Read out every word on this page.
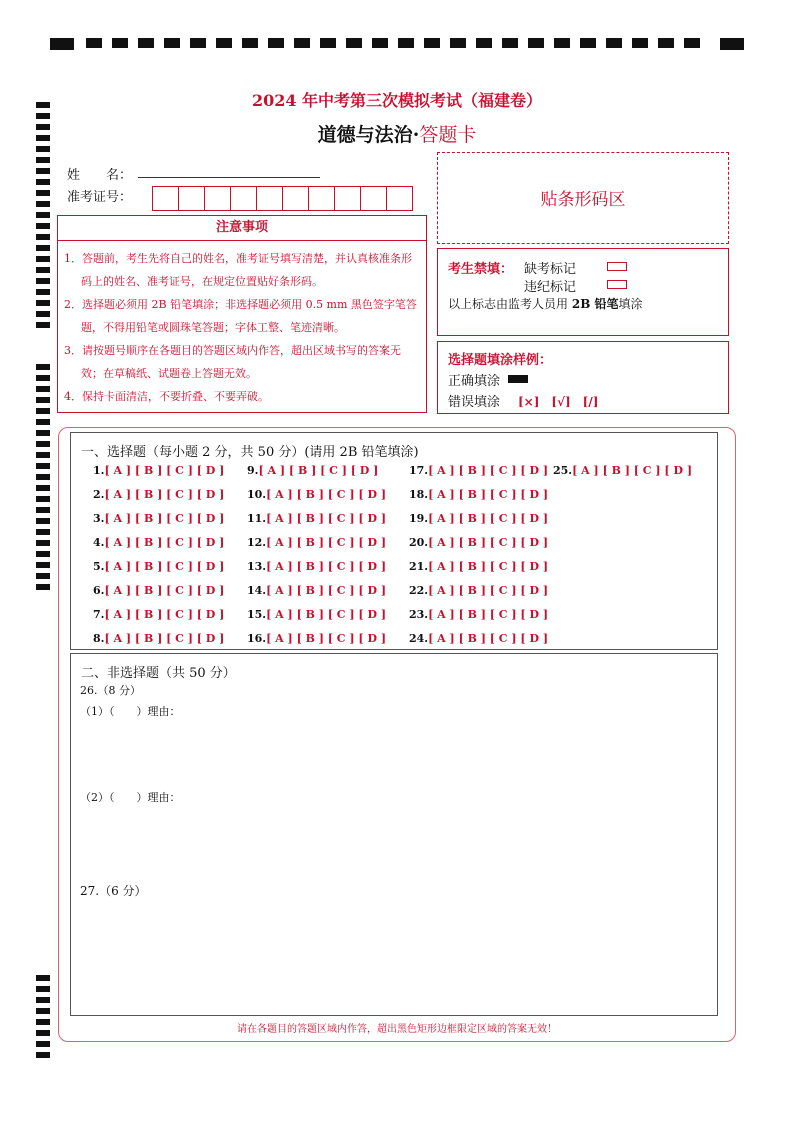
2024 年中考第三次模拟考试（福建卷）
道德与法治·答题卡
姓　　名：
准考证号：	贴条形码区
注意事项

1．答题前，考生先将自己的姓名，准考证号填写清楚，并认真核准条形码上的姓名、准考证号，在规定位置贴好条形码。

2．选择题必须用 2B 铅笔填涂；非选择题必须用 0.5 mm 黑色签字笔答题，不得用铅笔或圆珠笔答题；字体工整、笔迹清晰。

3．请按题号顺序在各题目的答题区域内作答，超出区域书写的答案无效；在草稿纸、试题卷上答题无效。

4．保持卡面清洁，不要折叠、不要弄破。

考生禁填： 缺考标记
违纪标记
以上标志由监考人员用 2B 铅笔填涂
选择题填涂样例：
正确填涂
错误填涂 [×]　[√]　[/]
一、选择题（每小题 2 分，共 50 分）(请用 2B 铅笔填涂)
1.[ A ] [ B ] [ C ] [ D ]
2.[ A ] [ B ] [ C ] [ D ]
3.[ A ] [ B ] [ C ] [ D ]
4.[ A ] [ B ] [ C ] [ D ]
5.[ A ] [ B ] [ C ] [ D ]
6.[ A ] [ B ] [ C ] [ D ]
7.[ A ] [ B ] [ C ] [ D ]
8.[ A ] [ B ] [ C ] [ D ]
9.[ A ] [ B ] [ C ] [ D ]
10.[ A ] [ B ] [ C ] [ D ]
11.[ A ] [ B ] [ C ] [ D ]
12.[ A ] [ B ] [ C ] [ D ]
13.[ A ] [ B ] [ C ] [ D ]
14.[ A ] [ B ] [ C ] [ D ]
15.[ A ] [ B ] [ C ] [ D ]
16.[ A ] [ B ] [ C ] [ D ]
17.[ A ] [ B ] [ C ] [ D ]
18.[ A ] [ B ] [ C ] [ D ]
19.[ A ] [ B ] [ C ] [ D ]
20.[ A ] [ B ] [ C ] [ D ]
21.[ A ] [ B ] [ C ] [ D ]
22.[ A ] [ B ] [ C ] [ D ]
23.[ A ] [ B ] [ C ] [ D ]
24.[ A ] [ B ] [ C ] [ D ]
25.[ A ] [ B ] [ C ] [ D ]
二、非选择题（共 50 分）
26.（8 分）
（1）（　　）理由：
（2）（　　）理由：
27.（6 分）
请在各题目的答题区域内作答，超出黑色矩形边框限定区域的答案无效！
